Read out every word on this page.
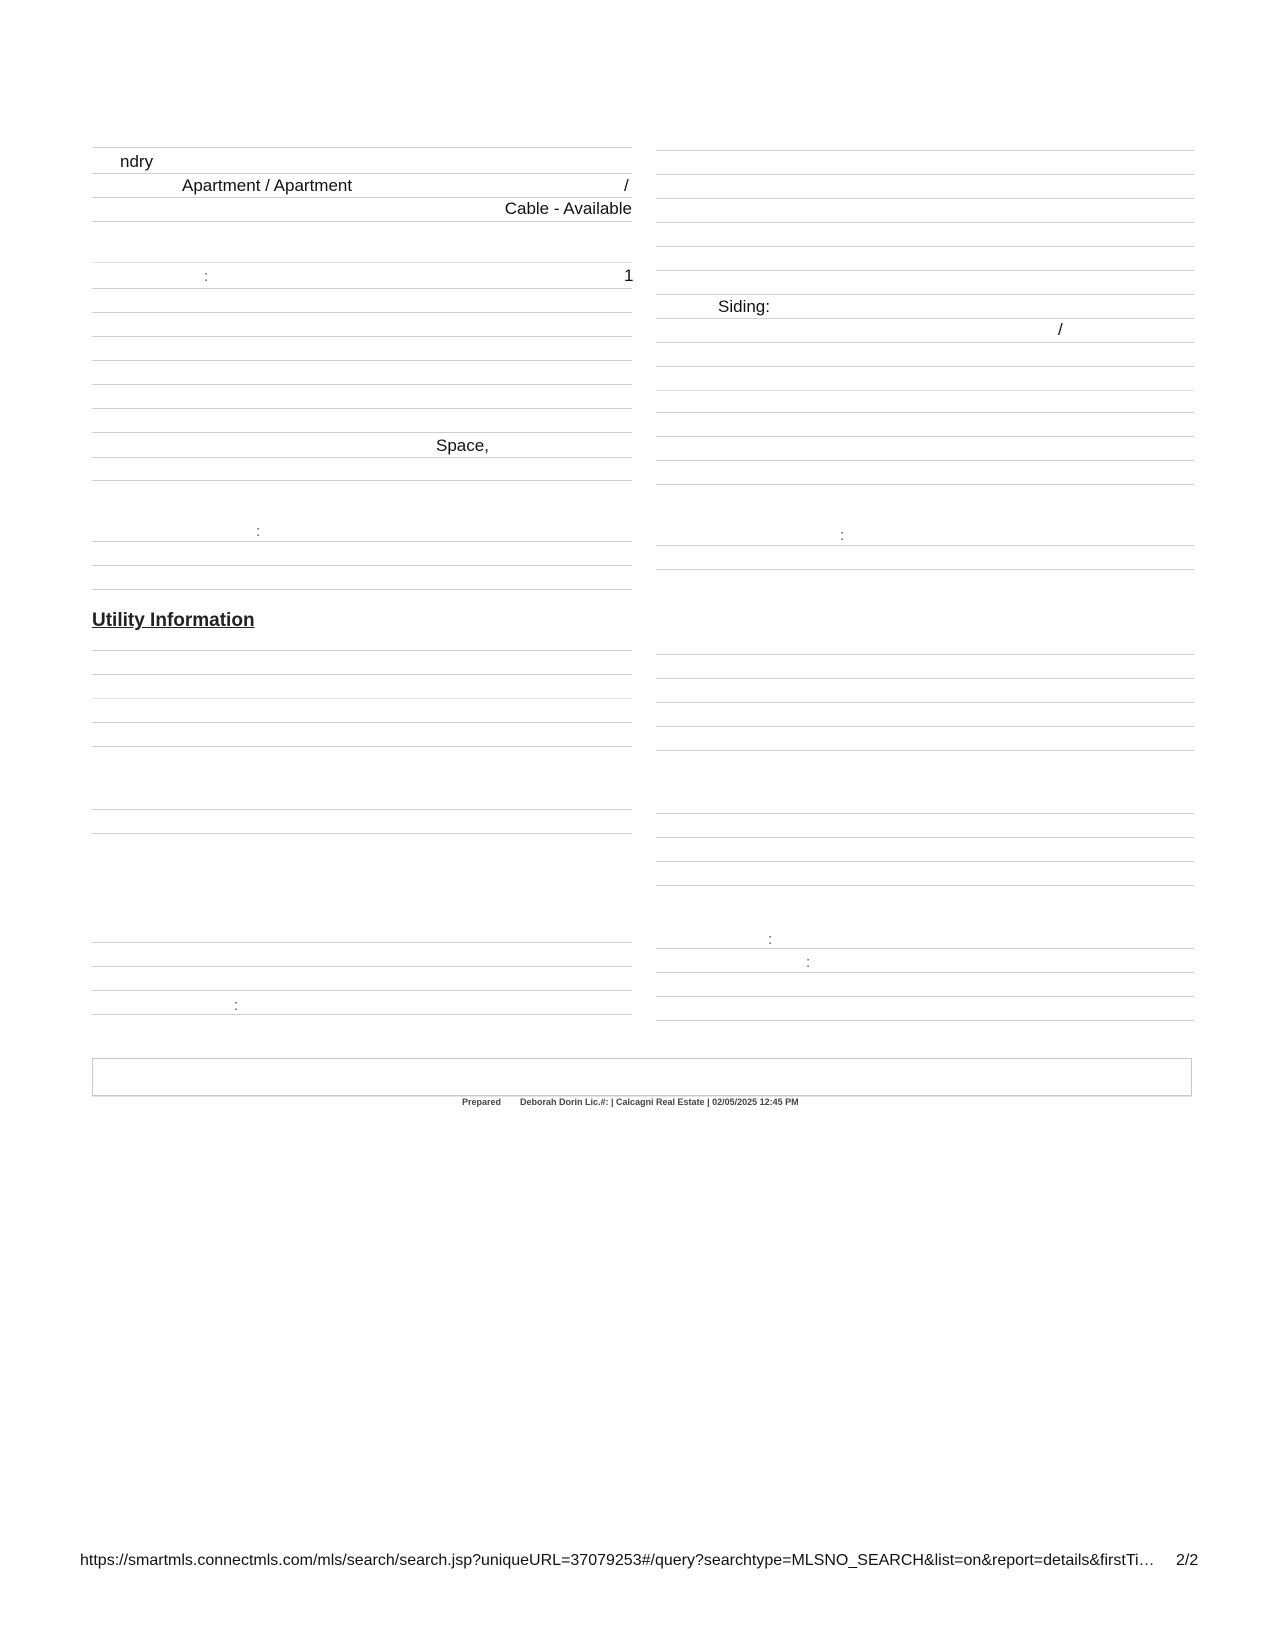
ndry
Apartment / Apartment	/
Cable - Available
:	1
Space,
:
:
Siding:
/
:
:
:
Utility Information
Prepared Deborah Dorin Lic.#: | Calcagni Real Estate | 02/05/2025 12:45 PM
https://smartmls.connectmls.com/mls/search/search.jsp?uniqueURL=37079253#/query?searchtype=MLSNO_SEARCH&list=on&report=details&firstTi… 2/2
